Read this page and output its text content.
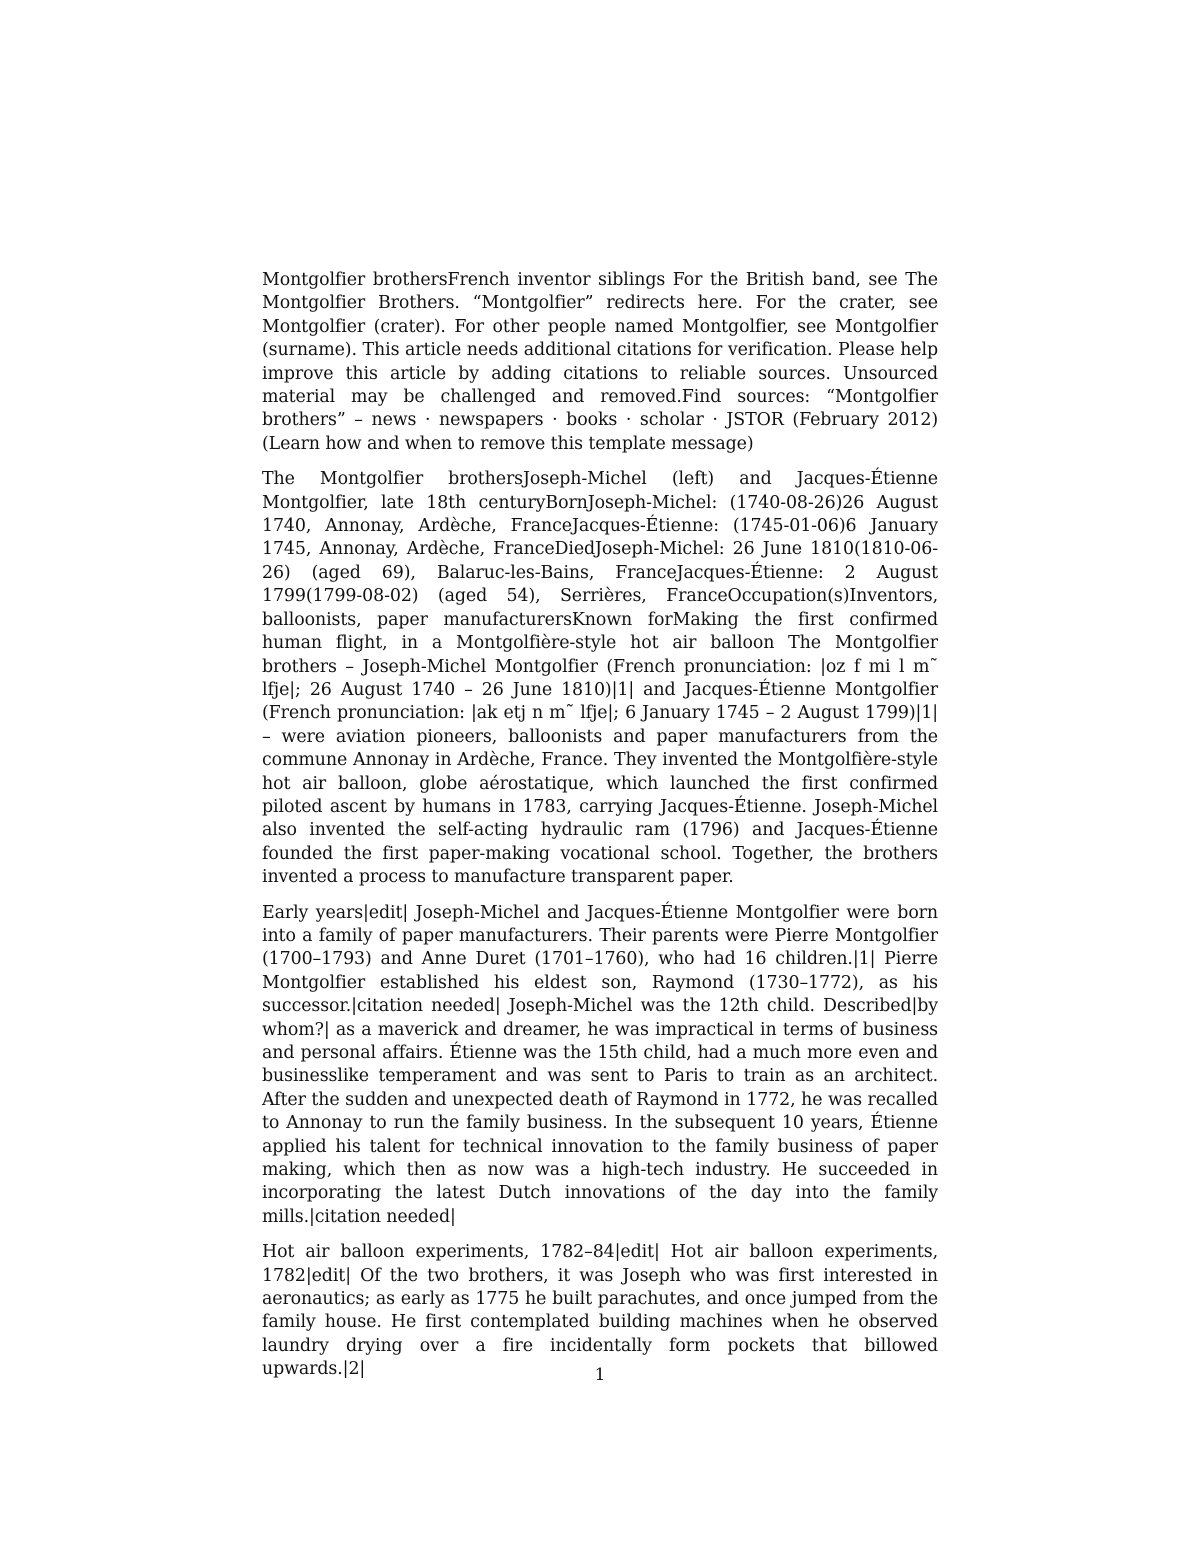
Montgolfier brothersFrench inventor siblings For the British band, see The Montgolfier Brothers. “Montgolfier” redirects here. For the crater, see Montgolfier (crater). For other people named Montgolfier, see Montgolfier (surname). This article needs additional citations for verification. Please help improve this article by adding citations to reliable sources. Unsourced material may be challenged and removed.Find sources: “Montgolfier brothers” – news · newspapers · books · scholar · JSTOR (February 2012) (Learn how and when to remove this template message)

The Montgolfier brothersJoseph-Michel (left) and Jacques-Étienne Montgolfier, late 18th centuryBornJoseph-Michel: (1740-08-26)26 August 1740, Annonay, Ardèche, FranceJacques-Étienne: (1745-01-06)6 January 1745, Annonay, Ardèche, FranceDiedJoseph-Michel: 26 June 1810(1810-06-26) (aged 69), Balaruc-les-Bains, FranceJacques-Étienne: 2 August 1799(1799-08-02) (aged 54), Serrières, FranceOccupation(s)Inventors, balloonists, paper manufacturersKnown forMaking the first confirmed human flight, in a Montgolfière-style hot air balloon The Montgolfier brothers – Joseph-Michel Montgolfier (French pronunciation: |oz f mi l m˜ lfje|; 26 August 1740 – 26 June 1810)|1| and Jacques-Étienne Montgolfier (French pronunciation: |ak etj n m˜ lfje|; 6 January 1745 – 2 August 1799)|1| – were aviation pioneers, balloonists and paper manufacturers from the commune Annonay in Ardèche, France. They invented the Montgolfière-style hot air balloon, globe aérostatique, which launched the first confirmed piloted ascent by humans in 1783, carrying Jacques-Étienne. Joseph-Michel also invented the self-acting hydraulic ram (1796) and Jacques-Étienne founded the first paper-making vocational school. Together, the brothers invented a process to manufacture transparent paper.

Early years|edit| Joseph-Michel and Jacques-Étienne Montgolfier were born into a family of paper manufacturers. Their parents were Pierre Montgolfier (1700–1793) and Anne Duret (1701–1760), who had 16 children.|1| Pierre Montgolfier established his eldest son, Raymond (1730–1772), as his successor.|citation needed| Joseph-Michel was the 12th child. Described|by whom?| as a maverick and dreamer, he was impractical in terms of business and personal affairs. Étienne was the 15th child, had a much more even and businesslike temperament and was sent to Paris to train as an architect. After the sudden and unexpected death of Raymond in 1772, he was recalled to Annonay to run the family business. In the subsequent 10 years, Étienne applied his talent for technical innovation to the family business of paper making, which then as now was a high-tech industry. He succeeded in incorporating the latest Dutch innovations of the day into the family mills.|citation needed|

Hot air balloon experiments, 1782–84|edit| Hot air balloon experiments, 1782|edit| Of the two brothers, it was Joseph who was first interested in aeronautics; as early as 1775 he built parachutes, and once jumped from the family house. He first contemplated building machines when he observed laundry drying over a fire incidentally form pockets that billowed upwards.|2|	1
